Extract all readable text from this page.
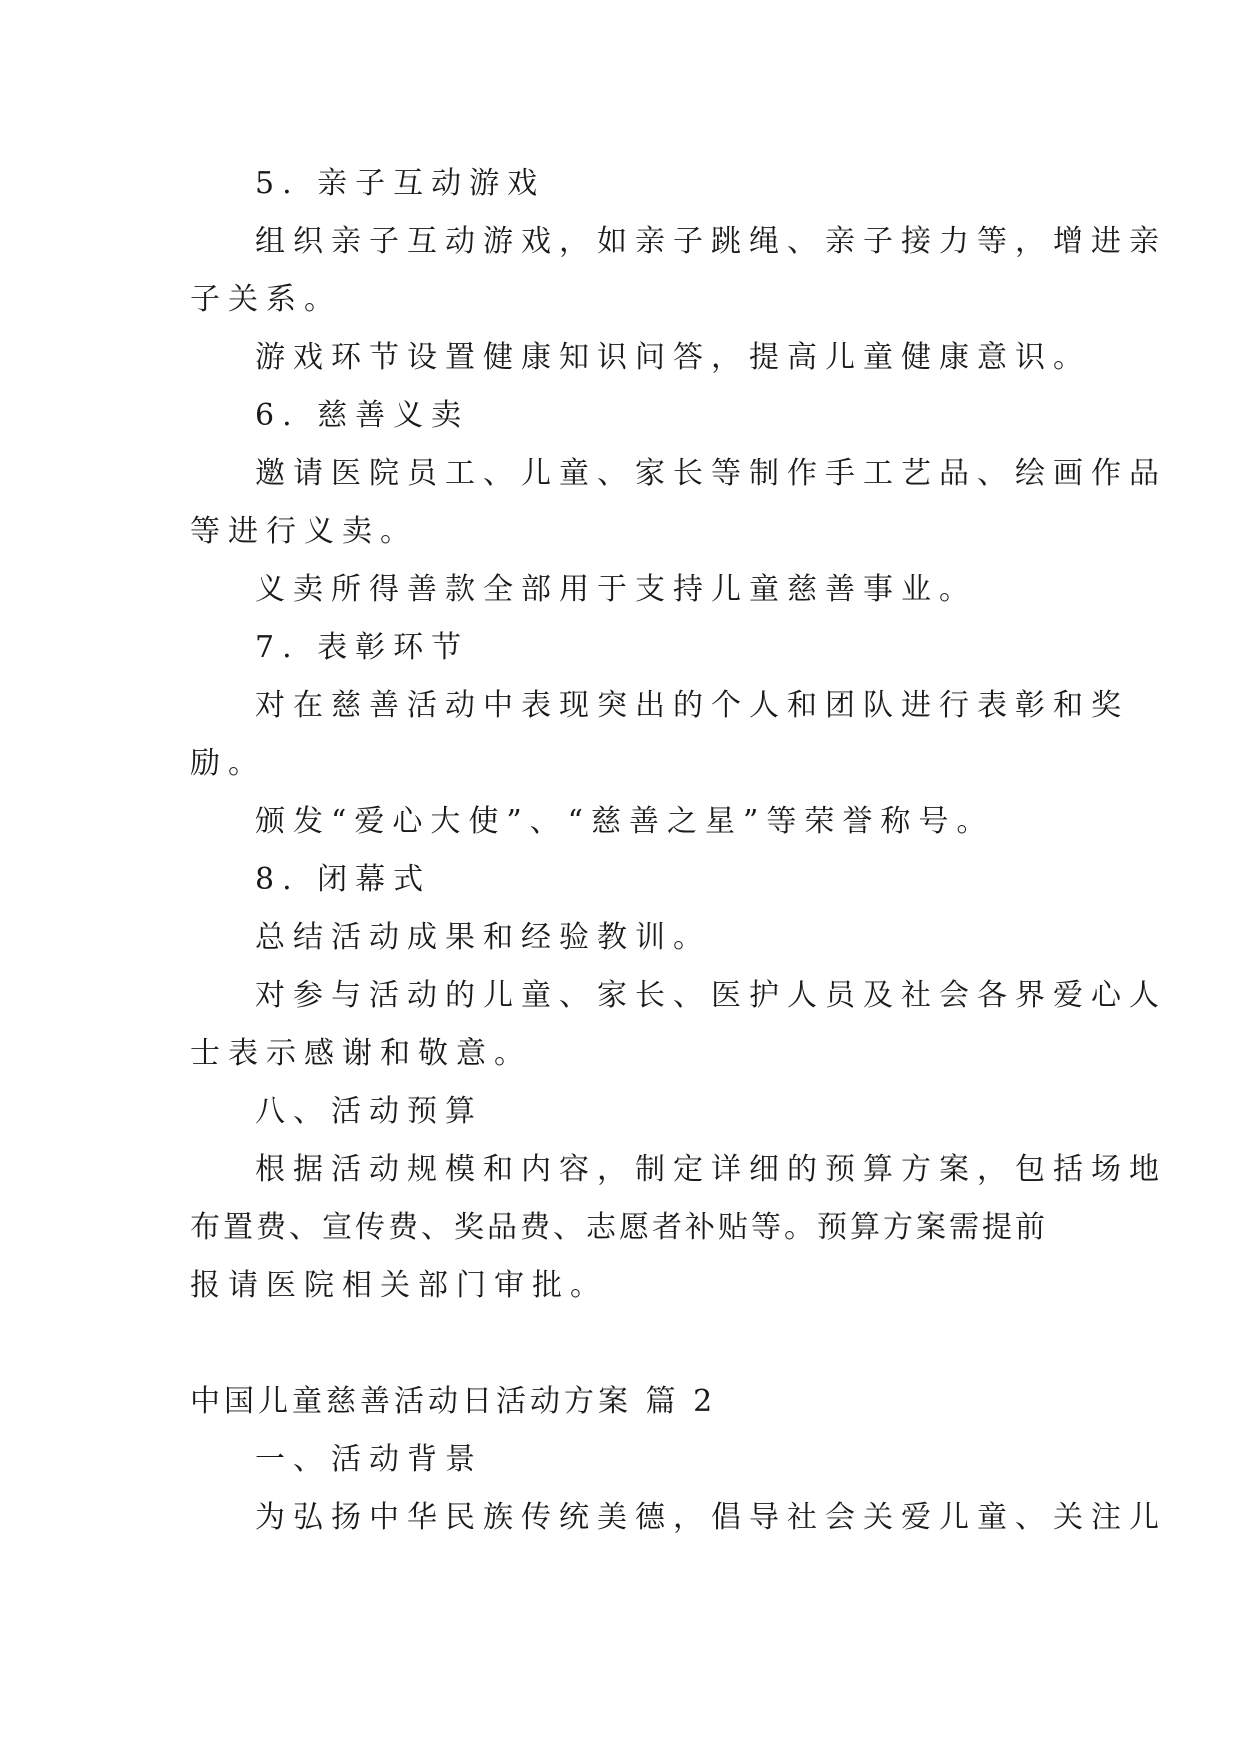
5. 亲子互动游戏
组织亲子互动游戏，如亲子跳绳、亲子接力等，增进亲
子关系。
游戏环节设置健康知识问答，提高儿童健康意识。
6. 慈善义卖
邀请医院员工、儿童、家长等制作手工艺品、绘画作品
等进行义卖。
义卖所得善款全部用于支持儿童慈善事业。
7. 表彰环节
对在慈善活动中表现突出的个人和团队进行表彰和奖
励。
颁发“爱心大使”、“慈善之星”等荣誉称号。
8. 闭幕式
总结活动成果和经验教训。
对参与活动的儿童、家长、医护人员及社会各界爱心人
士表示感谢和敬意。
八、活动预算
根据活动规模和内容，制定详细的预算方案，包括场地
布置费、宣传费、奖品费、志愿者补贴等。预算方案需提前
报请医院相关部门审批。
中国儿童慈善活动日活动方案 篇 2
一、活动背景
为弘扬中华民族传统美德，倡导社会关爱儿童、关注儿
